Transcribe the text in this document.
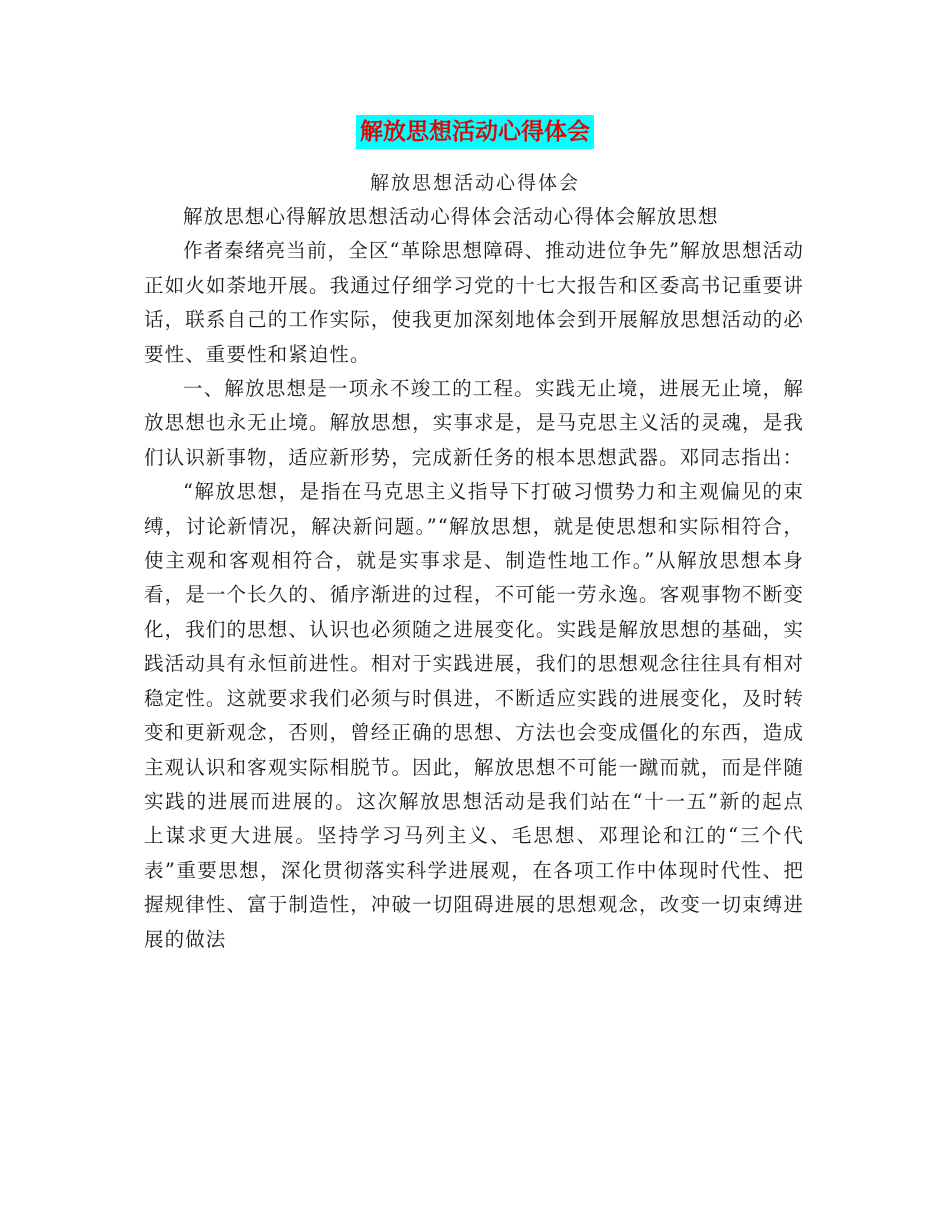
解放思想活动心得体会

解放思想活动心得体会

解放思想心得解放思想活动心得体会活动心得体会解放思想

作者秦绪亮当前，全区“革除思想障碍、推动进位争先”解放思想活动正如火如荼地开展。我通过仔细学习党的十七大报告和区委高书记重要讲话，联系自己的工作实际，使我更加深刻地体会到开展解放思想活动的必要性、重要性和紧迫性。

一、解放思想是一项永不竣工的工程。实践无止境，进展无止境，解放思想也永无止境。解放思想，实事求是，是马克思主义活的灵魂，是我们认识新事物，适应新形势，完成新任务的根本思想武器。邓同志指出：

“解放思想，是指在马克思主义指导下打破习惯势力和主观偏见的束缚，讨论新情况，解决新问题。”“解放思想，就是使思想和实际相符合，使主观和客观相符合，就是实事求是、制造性地工作。”从解放思想本身看，是一个长久的、循序渐进的过程，不可能一劳永逸。客观事物不断变化，我们的思想、认识也必须随之进展变化。实践是解放思想的基础，实践活动具有永恒前进性。相对于实践进展，我们的思想观念往往具有相对稳定性。这就要求我们必须与时俱进，不断适应实践的进展变化，及时转变和更新观念，否则，曾经正确的思想、方法也会变成僵化的东西，造成主观认识和客观实际相脱节。因此，解放思想不可能一蹴而就，而是伴随实践的进展而进展的。这次解放思想活动是我们站在“十一五”新的起点上谋求更大进展。坚持学习马列主义、毛思想、邓理论和江的“三个代表”重要思想，深化贯彻落实科学进展观，在各项工作中体现时代性、把握规律性、富于制造性，冲破一切阻碍进展的思想观念，改变一切束缚进展的做法
